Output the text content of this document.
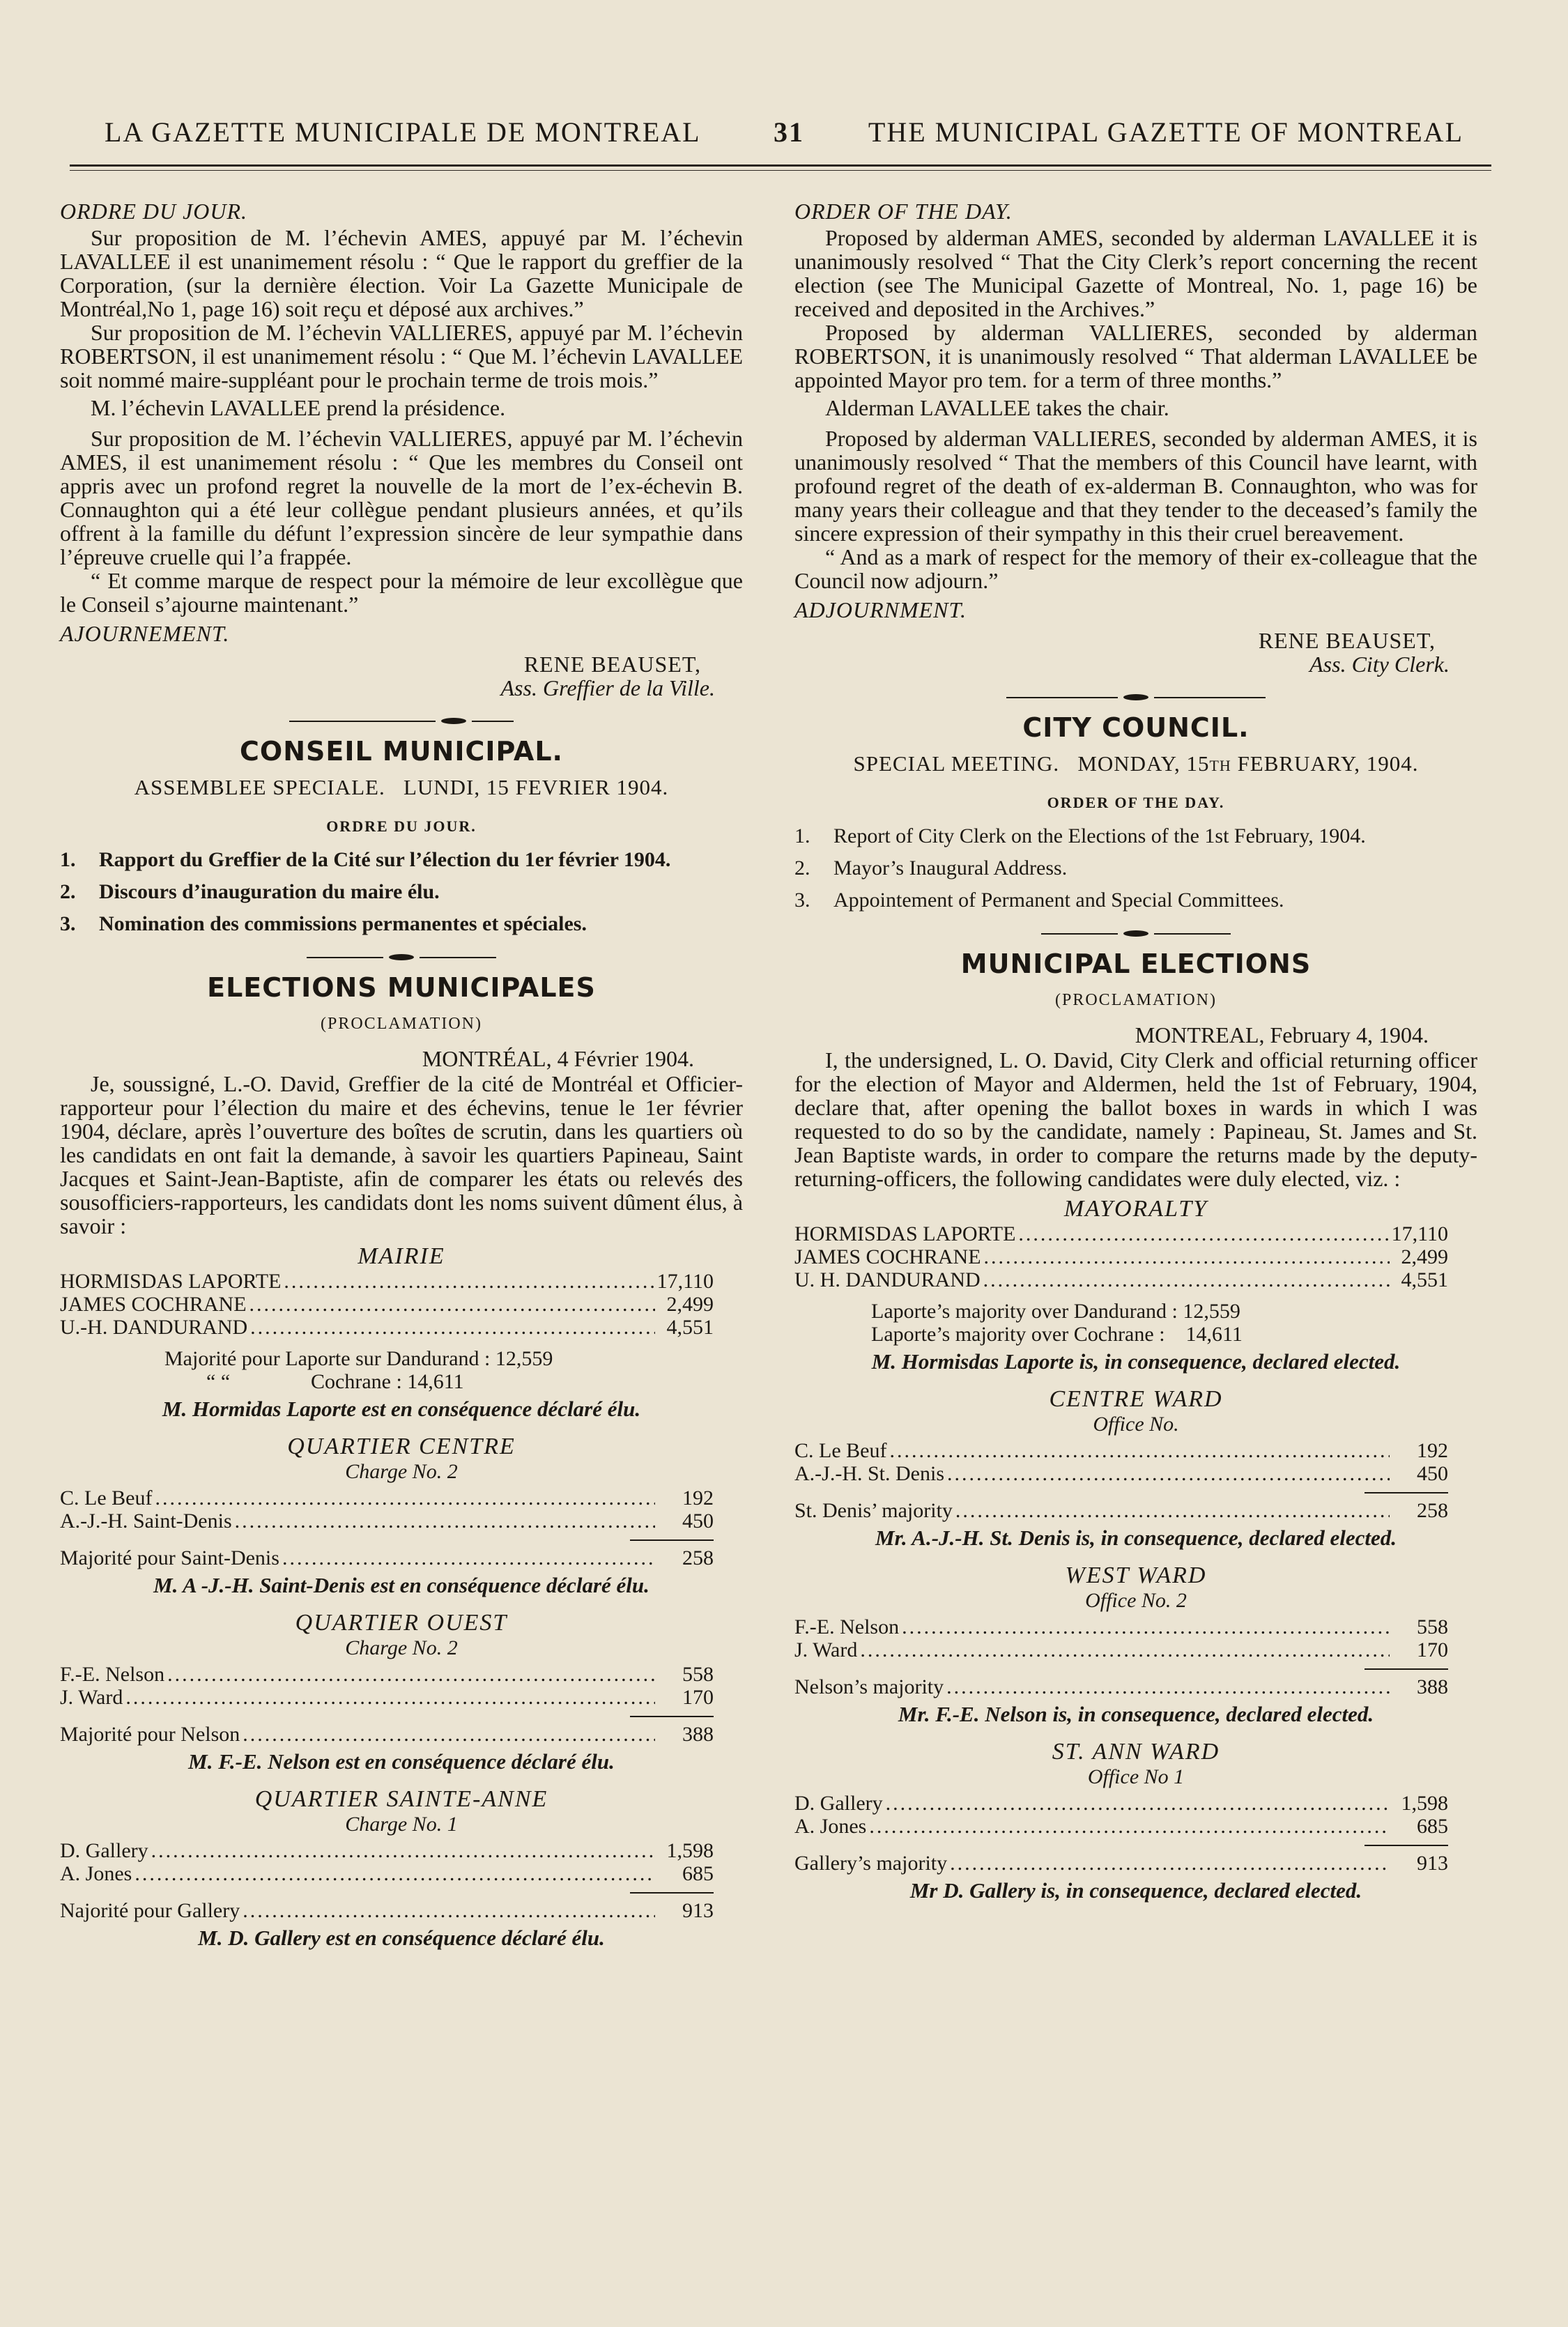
LA GAZETTE MUNICIPALE DE MONTREAL	31 THE MUNICIPAL GAZETTE OF MONTREAL
ORDRE DU JOUR.

Sur proposition de M. l’échevin AMES, appuyé par M. l’échevin LAVALLEE il est unanimement résolu : “ Que le rapport du greffier de la Corporation, (sur la dernière élection. Voir La Gazette Municipale de Montréal,No 1, page 16) soit reçu et déposé aux archives.”

Sur proposition de M. l’échevin VALLIERES, appuyé par M. l’échevin ROBERTSON, il est unanimement résolu : “ Que M. l’échevin LAVALLEE soit nommé maire-suppléant pour le prochain terme de trois mois.”

M. l’échevin LAVALLEE prend la présidence.

Sur proposition de M. l’échevin VALLIERES, appuyé par M. l’échevin AMES, il est unanimement résolu : “ Que les membres du Conseil ont appris avec un profond regret la nouvelle de la mort de l’ex-échevin B. Connaughton qui a été leur collègue pendant plusieurs années, et qu’ils offrent à la famille du défunt l’expression sincère de leur sympathie dans l’épreuve cruelle qui l’a frappée.

“ Et comme marque de respect pour la mémoire de leur excollègue que le Conseil s’ajourne maintenant.”

AJOURNEMENT.
RENE BEAUSET,
Ass. Greffier de la Ville.
CONSEIL MUNICIPAL.
ASSEMBLEE SPECIALE. LUNDI, 15 FEVRIER 1904.
ORDRE DU JOUR.
1.	Rapport du Greffier de la Cité sur l’élection du 1er février 1904.
2.	Discours d’inauguration du maire élu.
3.	Nomination des commissions permanentes et spéciales.
ELECTIONS MUNICIPALES
(PROCLAMATION)
MONTRÉAL, 4 Février 1904.

Je, soussigné, L.-O. David, Greffier de la cité de Montréal et Officier-rapporteur pour l’élection du maire et des échevins, tenue le 1er février 1904, déclare, après l’ouverture des boîtes de scrutin, dans les quartiers où les candidats en ont fait la demande, à savoir les quartiers Papineau, Saint Jacques et Saint-Jean-Baptiste, afin de comparer les états ou relevés des sousofficiers-rapporteurs, les candidats dont les noms suivent dûment élus, à savoir :

MAIRIE
HORMISDAS LAPORTE .....	17,110
JAMES COCHRANE .....	2,499
U.-H. DANDURAND .....	4,551
Majorité pour Laporte sur Dandurand : 12,559
“ “	Cochrane : 14,611
M. Hormidas Laporte est en conséquence déclaré élu.
QUARTIER CENTRE
Charge No. 2
C. Le Beuf .....	192
A.-J.-H. Saint-Denis .....	450
Majorité pour Saint-Denis .....	258
M. A -J.-H. Saint-Denis est en conséquence déclaré élu.
QUARTIER OUEST
Charge No. 2
F.-E. Nelson .....	558
J. Ward .....	170
Majorité pour Nelson .....	388
M. F.-E. Nelson est en conséquence déclaré élu.
QUARTIER SAINTE-ANNE
Charge No. 1
D. Gallery .....	1,598
A. Jones .....	685
Najorité pour Gallery .....	913
M. D. Gallery est en conséquence déclaré élu.
ORDER OF THE DAY.

Proposed by alderman AMES, seconded by alderman LAVALLEE it is unanimously resolved “ That the City Clerk’s report concerning the recent election (see The Municipal Gazette of Montreal, No. 1, page 16) be received and deposited in the Archives.”

Proposed by alderman VALLIERES, seconded by alderman ROBERTSON, it is unanimously resolved “ That alderman LAVALLEE be appointed Mayor pro tem. for a term of three months.”

Alderman LAVALLEE takes the chair.

Proposed by alderman VALLIERES, seconded by alderman AMES, it is unanimously resolved “ That the members of this Council have learnt, with profound regret of the death of ex-alderman B. Connaughton, who was for many years their colleague and that they tender to the deceased’s family the sincere expression of their sympathy in this their cruel bereavement.

“ And as a mark of respect for the memory of their ex-colleague that the Council now adjourn.”

ADJOURNMENT.
RENE BEAUSET,
Ass. City Clerk.
CITY COUNCIL.
SPECIAL MEETING. MONDAY, 15th FEBRUARY, 1904.
ORDER OF THE DAY.
1.	Report of City Clerk on the Elections of the 1st February, 1904.
2.	Mayor’s Inaugural Address.
3.	Appointement of Permanent and Special Committees.
MUNICIPAL ELECTIONS
(PROCLAMATION)
MONTREAL, February 4, 1904.

I, the undersigned, L. O. David, City Clerk and official returning officer for the election of Mayor and Aldermen, held the 1st of February, 1904, declare that, after opening the ballot boxes in wards in which I was requested to do so by the candidate, namely : Papineau, St. James and St. Jean Baptiste wards, in order to compare the returns made by the deputy-returning-officers, the following candidates were duly elected, viz. :

MAYORALTY
HORMISDAS LAPORTE .....	17,110
JAMES COCHRANE .....	2,499
U. H. DANDURAND .....	4,551
Laporte’s majority over Dandurand : 12,559
Laporte’s majority over Cochrane :    14,611
M. Hormisdas Laporte is, in consequence, declared elected.
CENTRE WARD
Office No.
C. Le Beuf .....	192
A.-J.-H. St. Denis .....	450
St. Denis’ majority .....	258
Mr. A.-J.-H. St. Denis is, in consequence, declared elected.
WEST WARD
Office No. 2
F.-E. Nelson .....	558
J. Ward .....	170
Nelson’s majority .....	388
Mr. F.-E. Nelson is, in consequence, declared elected.
ST. ANN WARD
Office No 1
D. Gallery .....	1,598
A. Jones .....	685
Gallery’s majority .....	913
Mr D. Gallery is, in consequence, declared elected.
